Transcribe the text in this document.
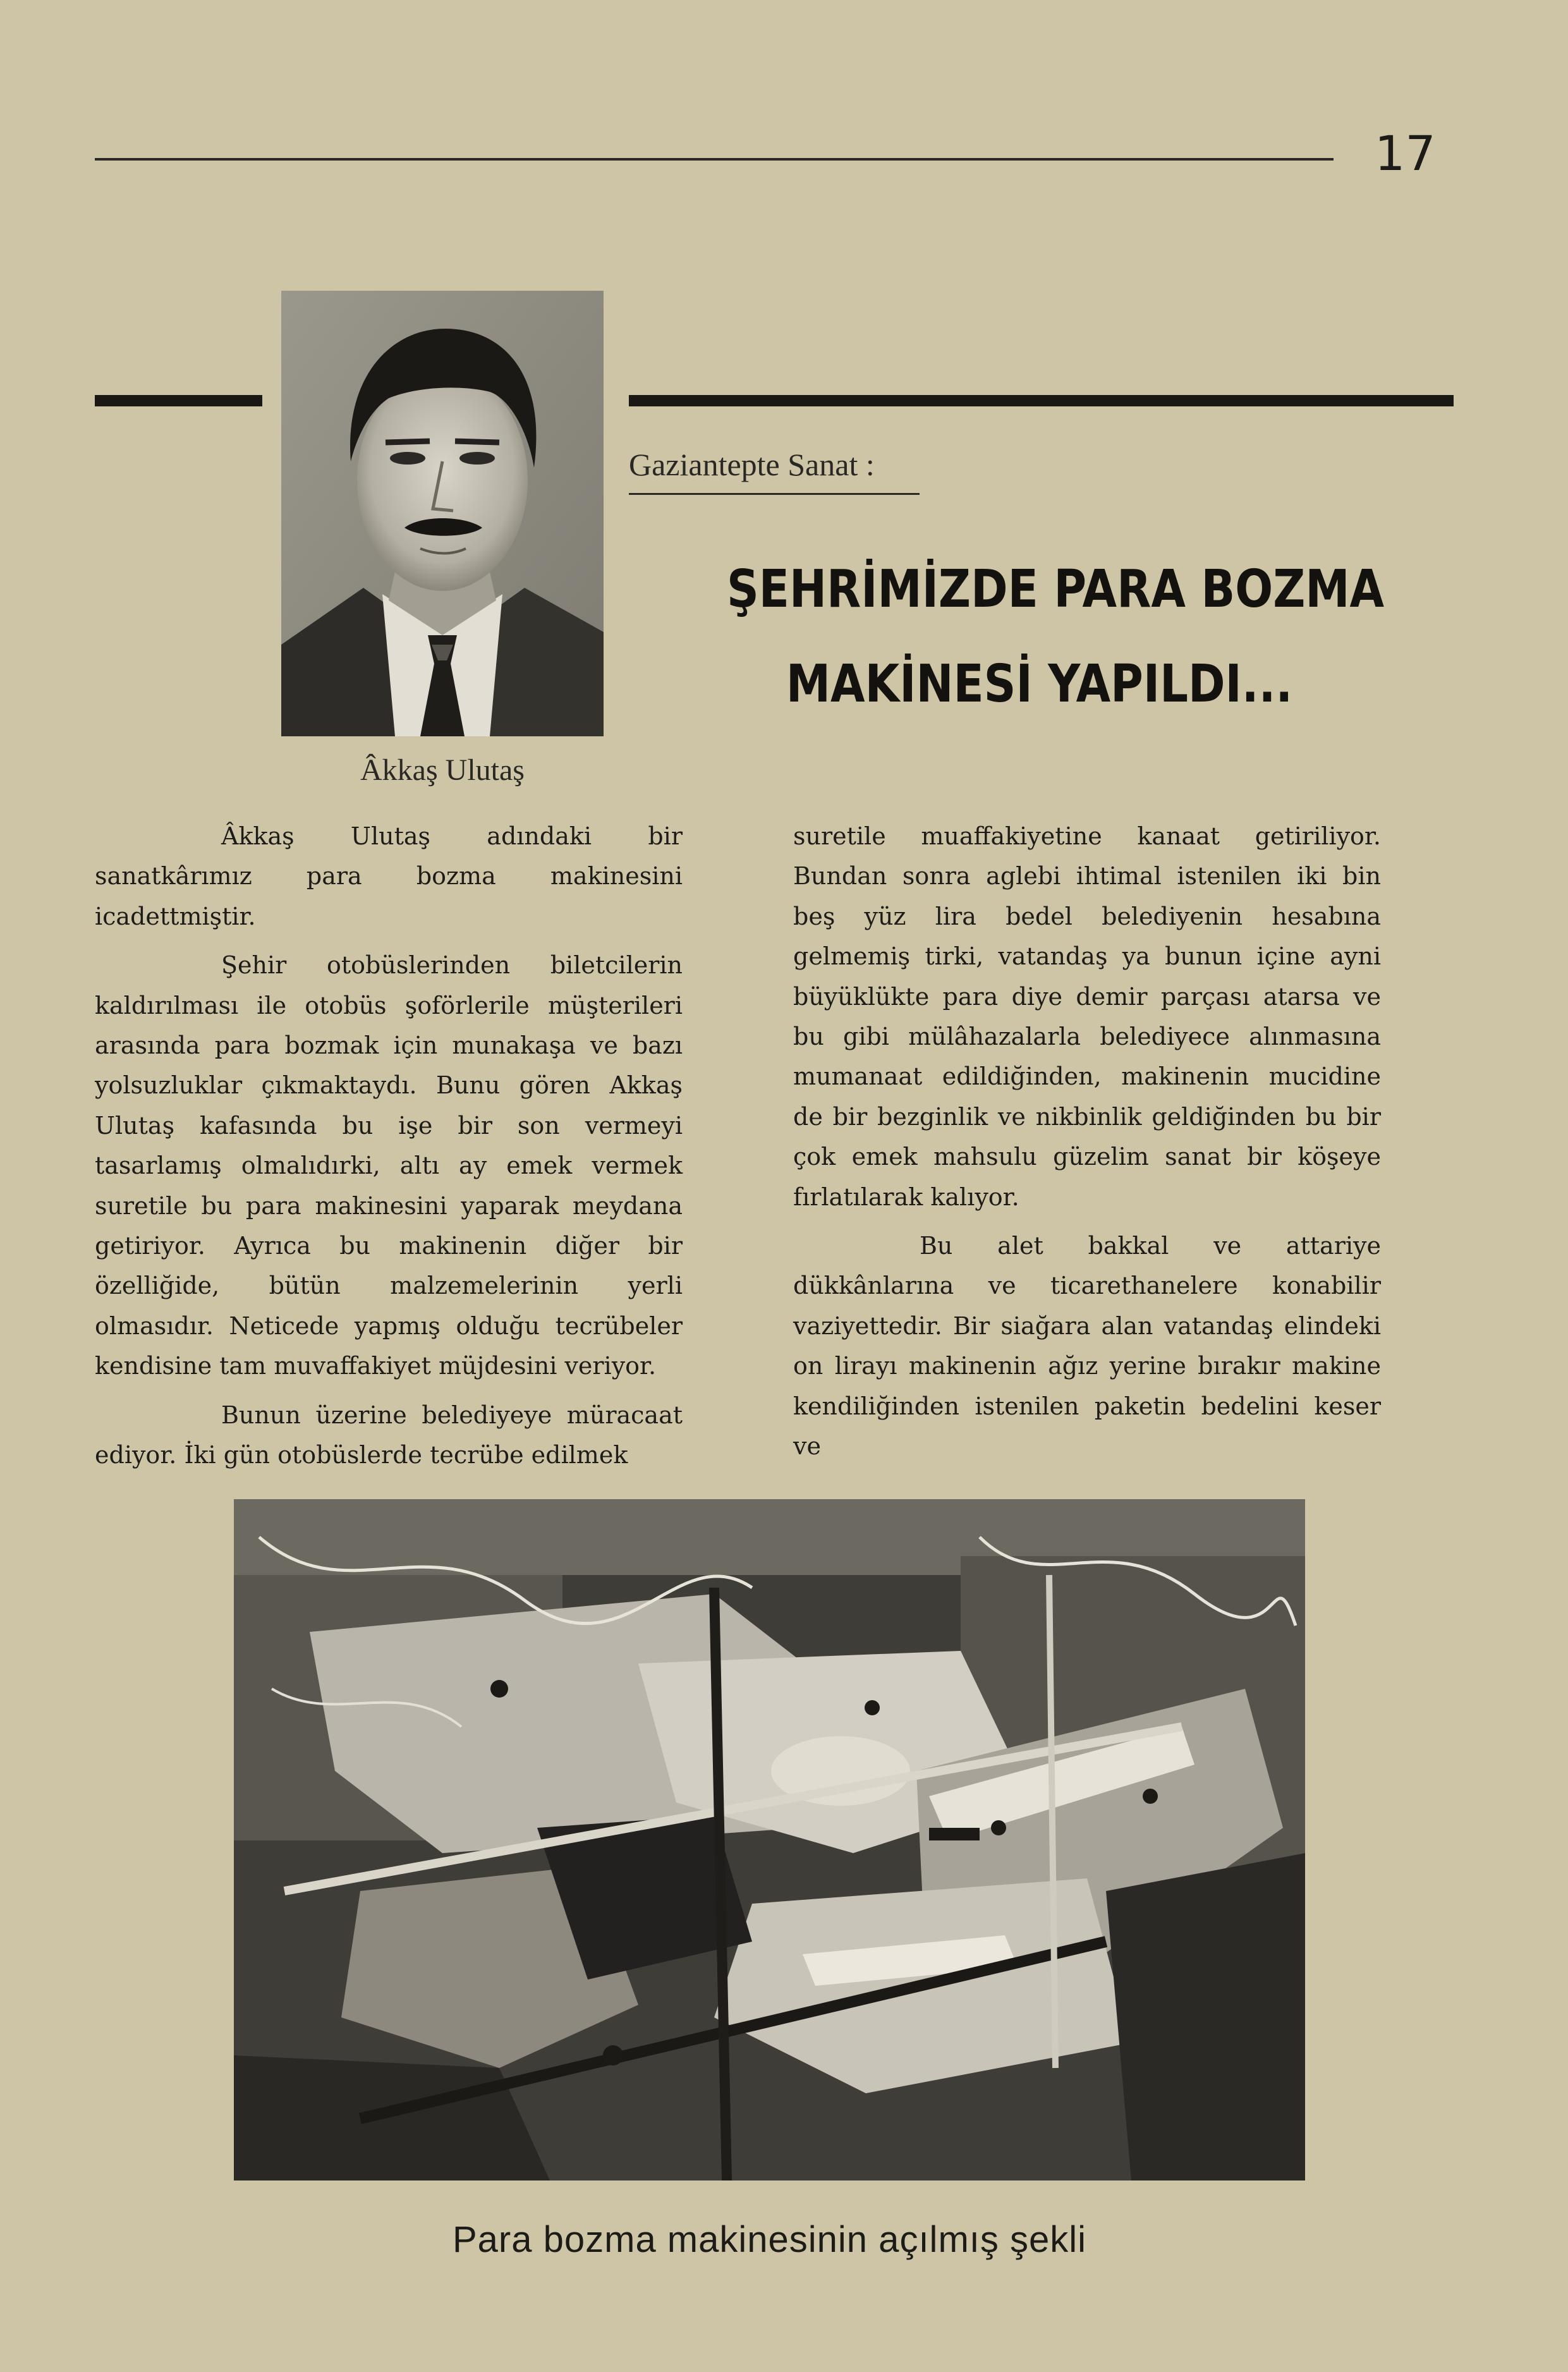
17
Âkkaş Ulutaş
Gaziantepte Sanat :
ŞEHRİMİZDE PARA BOZMA
MAKİNESİ YAPILDI...

Âkkaş Ulutaş adındaki bir sanatkârımız para bozma makinesini icadettmiştir.

Şehir otobüslerinden biletcilerin kaldırılması ile otobüs şoförlerile müşterileri arasında para bozmak için munakaşa ve bazı yolsuzluklar çıkmaktaydı. Bunu gören Akkaş Ulutaş kafasında bu işe bir son vermeyi tasarlamış olmalıdırki, altı ay emek vermek suretile bu para makinesini yaparak meydana getiriyor. Ayrıca bu makinenin diğer bir özelliğide, bütün malzemelerinin yerli olmasıdır. Neticede yapmış olduğu tecrübeler kendisine tam muvaffakiyet müjdesini veriyor.

Bunun üzerine belediyeye müracaat ediyor. İki gün otobüslerde tecrübe edilmek

suretile muaffakiyetine kanaat getiriliyor. Bundan sonra aglebi ihtimal istenilen iki bin beş yüz lira bedel belediyenin hesabına gelmemiş tirki, vatandaş ya bunun içine ayni büyüklükte para diye demir parçası atarsa ve bu gibi mülâhazalarla belediyece alınmasına mumanaat edildiğinden, makinenin mucidine de bir bezginlik ve nikbinlik geldiğinden bu bir çok emek mahsulu güzelim sanat bir köşeye fırlatılarak kalıyor.

Bu alet bakkal ve attariye dükkânlarına ve ticarethanelere konabilir vaziyettedir. Bir siağara alan vatandaş elindeki on lirayı makinenin ağız yerine bırakır makine kendiliğinden istenilen paketin bedelini keser ve

Para bozma makinesinin açılmış şekli
